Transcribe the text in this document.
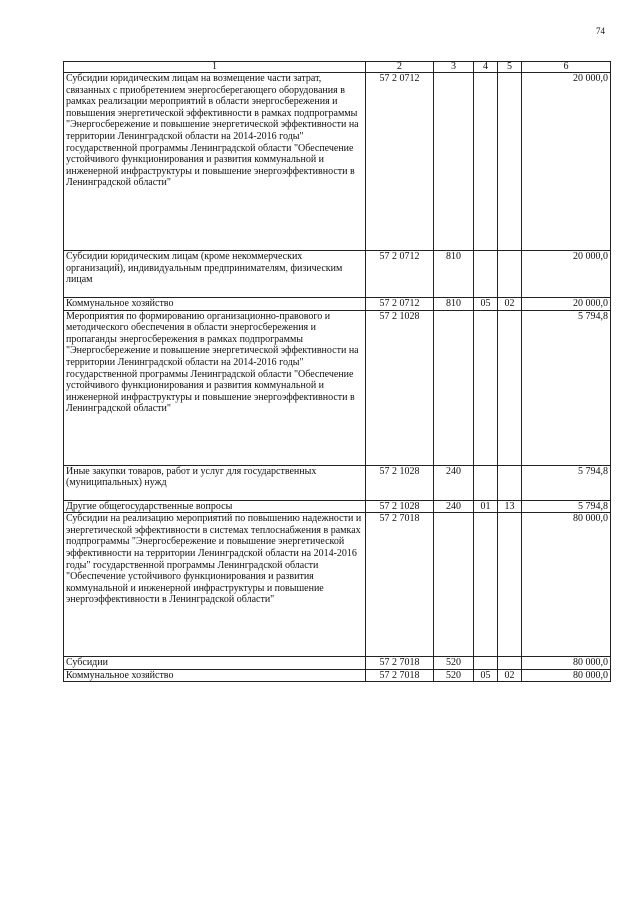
74
1	2	3	4	5	6
Субсидии юридическим лицам на возмещение части затрат, связанных с приобретением энергосберегающего оборудования в рамках реализации мероприятий в области энергосбережения и повышения энергетической эффективности в рамках подпрограммы "Энергосбережение и повышение энергетической эффективности на территории Ленинградской области на 2014-2016 годы" государственной программы Ленинградской области "Обеспечение устойчивого функционирования и развития коммунальной и инженерной инфраструктуры и повышение энергоэффективности в Ленинградской области"	57 2 0712				20 000,0
Субсидии юридическим лицам (кроме некоммерческих организаций), индивидуальным предпринимателям, физическим лицам	57 2 0712	810			20 000,0
Коммунальное хозяйство	57 2 0712	810	05	02	20 000,0
Мероприятия по формированию организационно-правового и методического обеспечения в области энергосбережения и пропаганды энергосбережения в рамках подпрограммы "Энергосбережение и повышение энергетической эффективности на территории Ленинградской области на 2014-2016 годы" государственной программы Ленинградской области "Обеспечение устойчивого функционирования и развития коммунальной и инженерной инфраструктуры и повышение энергоэффективности в Ленинградской области"	57 2 1028				5 794,8
Иные закупки товаров, работ и услуг для государственных (муниципальных) нужд	57 2 1028	240			5 794,8
Другие общегосударственные вопросы	57 2 1028	240	01	13	5 794,8
Субсидии на реализацию мероприятий по повышению надежности и энергетической эффективности в системах теплоснабжения в рамках подпрограммы "Энергосбережение и повышение энергетической эффективности на территории Ленинградской области на 2014-2016 годы" государственной программы Ленинградской области "Обеспечение устойчивого функционирования и развития коммунальной и инженерной инфраструктуры и повышение энергоэффективности в Ленинградской области"	57 2 7018				80 000,0
Субсидии	57 2 7018	520			80 000,0
Коммунальное хозяйство	57 2 7018	520	05	02	80 000,0
